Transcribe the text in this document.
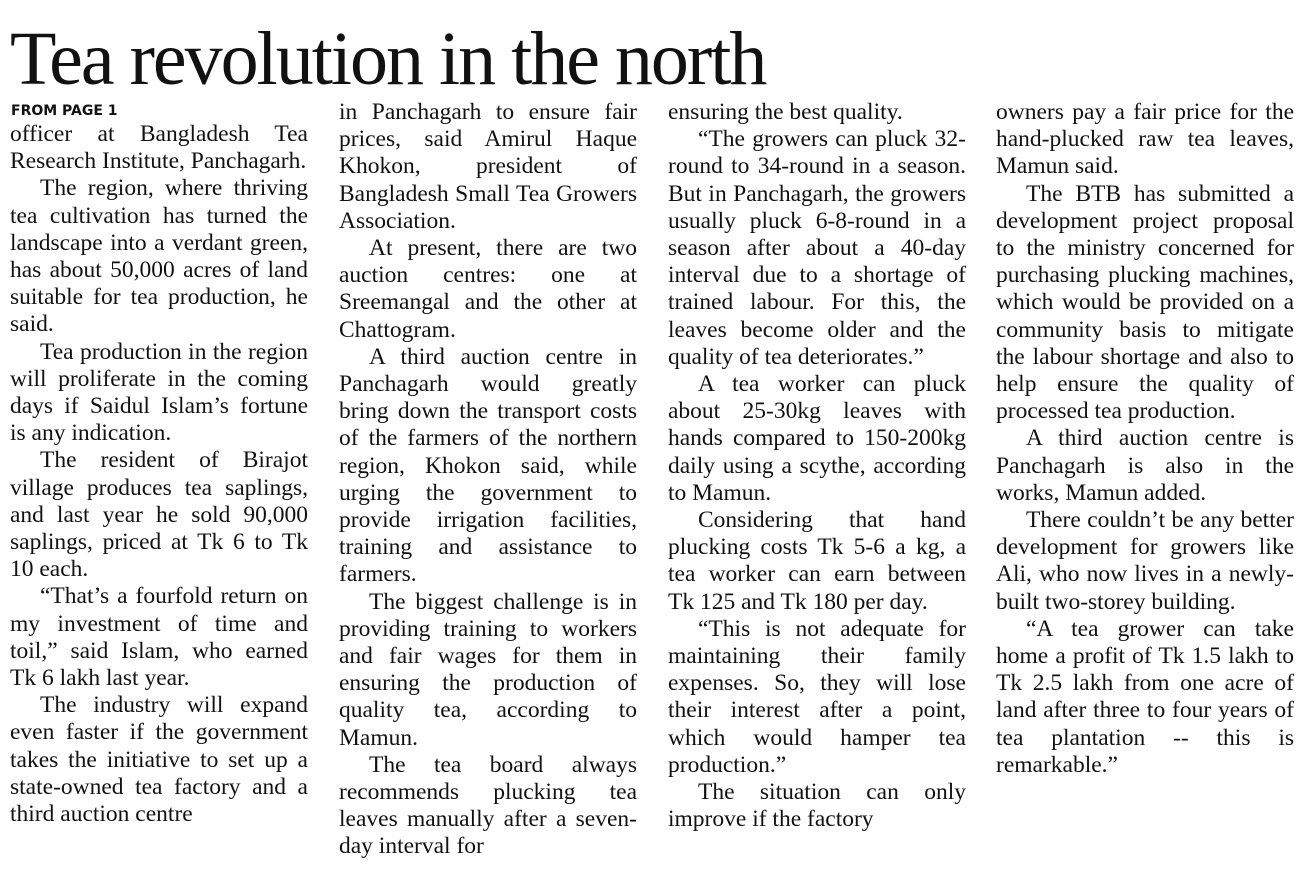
Tea revolution in the north
FROM PAGE 1

officer at Bangladesh Tea Research Institute, Panchagarh.

The region, where thriving tea cultivation has turned the landscape into a verdant green, has about 50,000 acres of land suitable for tea production, he said.

Tea production in the region will proliferate in the coming days if Saidul Islam’s fortune is any indication.

The resident of Birajot village produces tea saplings, and last year he sold 90,000 saplings, priced at Tk 6 to Tk 10 each.

“That’s a fourfold return on my investment of time and toil,” said Islam, who earned Tk 6 lakh last year.

The industry will expand even faster if the government takes the initiative to set up a state-owned tea factory and a third auction centre

in Panchagarh to ensure fair prices, said Amirul Haque Khokon, president of Bangladesh Small Tea Growers Association.

At present, there are two auction centres: one at Sreemangal and the other at Chattogram.

A third auction centre in Panchagarh would greatly bring down the transport costs of the farmers of the northern region, Khokon said, while urging the government to provide irrigation facilities, training and assistance to farmers.

The biggest challenge is in providing training to workers and fair wages for them in ensuring the production of quality tea, according to Mamun.

The tea board always recommends plucking tea leaves manually after a seven-day interval for

ensuring the best quality.

“The growers can pluck 32-round to 34-round in a season. But in Panchagarh, the growers usually pluck 6-8-round in a season after about a 40-day interval due to a shortage of trained labour. For this, the leaves become older and the quality of tea deteriorates.”

A tea worker can pluck about 25-30kg leaves with hands compared to 150-200kg daily using a scythe, according to Mamun.

Considering that hand plucking costs Tk 5-6 a kg, a tea worker can earn between Tk 125 and Tk 180 per day.

“This is not adequate for maintaining their family expenses. So, they will lose their interest after a point, which would hamper tea production.”

The situation can only improve if the factory

owners pay a fair price for the hand-plucked raw tea leaves, Mamun said.

The BTB has submitted a development project proposal to the ministry concerned for purchasing plucking machines, which would be provided on a community basis to mitigate the labour shortage and also to help ensure the quality of processed tea production.

A third auction centre is Panchagarh is also in the works, Mamun added.

There couldn’t be any better development for growers like Ali, who now lives in a newly-built two-storey building.

“A tea grower can take home a profit of Tk 1.5 lakh to Tk 2.5 lakh from one acre of land after three to four years of tea plantation -- this is remarkable.”
